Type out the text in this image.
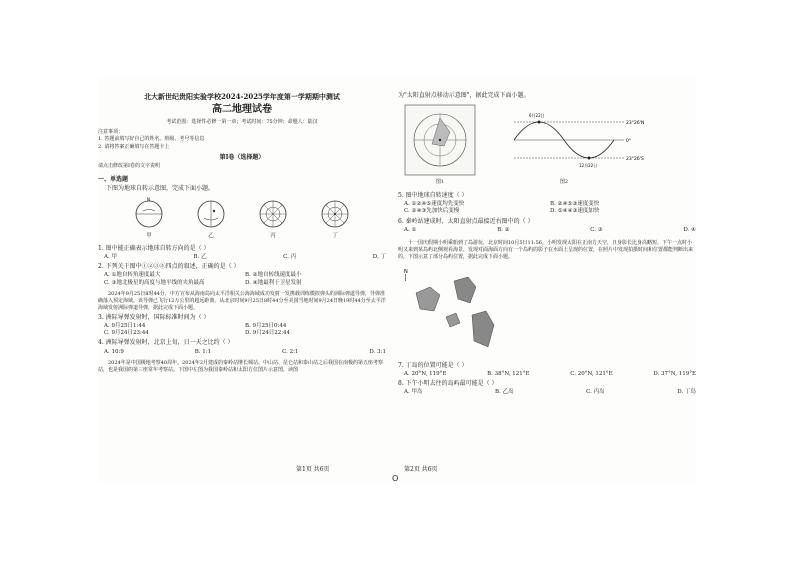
北大新世纪贵阳实验学校2024-2025学年度第一学期期中测试
高二地理试卷
考试范围：选择性必修一第一章；考试时间：75分钟；命题人：陆汉

注意事项：

1. 答题前填写好自己的姓名、班级、考号等信息

2. 请将答案正确填写在答题卡上

第Ⅰ卷（选择题）

请点击修改第Ⅰ卷的文字说明

一、单选题

下图为地球自转示意图，完成下面小题。

N
甲	乙	丙	丁

1. 图中能正确表示地球自转方向的是（ ）

A. 甲	B. 乙	C. 丙	D. 丁

2. 下列关于图中①②③④四点的叙述，正确的是（ ）

A. ①地自转角速度最大	B. ②地自转线速度最小
C. ③地北极星的高度与地平线的夹角最高	D. ④地最利于卫星发射

2024年9月25日8时44分，中方宣布从海南岛向太平洋相关公海海域成功发射一发携载训练模拟弹头的洲际弹道导弹，导弹准确落入预定海域。该导弹已飞行12万公里的超远距离，从北京时间9月25日8时44分至美国当地时间9月24日晚19时44分至太平洋海域发射洲际弹道导弹，据此完成下面小题。

3. 洲际导弹发射时，国际标准时间为（ ）

A. 9月25日1:44	B. 9月25日0:44
C. 9月24日23:44	D. 9月24日22:44

4. 洲际导弹发射时，北京上旬，日一天之比约（ ）

A. 10:9	B. 1:1	C. 2:1	D. 3:1

2024年是中国极地考察40周年。2024年2月建成的秦岭站继长城站、中山站、昆仑站和泰山站之后我国在南极的第五座考察站，也是我国的第三座常年考察站。下图中左图为我国秦岭站和太阳方位图片示意图，读图

第1页 共6页

为"太阳直射点移动示意图"，据此完成下面小题。

图1
23°26'N
0°
23°26'S
6月22日
12月22日
图2

5. 图中地球自转速度（ ）

A. ①②④⑤速度均先变快	B. ②④⑤③速度变快
C. ②④③先加快后变慢	D. ⑤④④③速度加快

6. 秦岭站建成时，太阳直射点最接近右图中的（ ）

A. ①	B. ②	C. ③	D. ④

十一国庆假期小明乘船到了岛游玩，北京时间10月5日11:56，小明发现太阳在正南方天空，且身影长比身高略短。下午一点时小明又来到某岛屿北侧观看海景，发现对面海面方向有一个岛屿的影子在水面上呈现的位置，在照片中发现拍摄时间和位置都能判断出来的，下图示意了部分岛屿位置，据此完成下面小题。

N

7. 丁岛的位置可能是（ ）

A. 20°N, 119°E	B. 38°N, 121°E	C. 20°N, 121°E	D. 37°N, 119°E

8. 下午小明去往的岛屿最可能是（ ）

A. 甲岛	B. 乙岛	C. 丙岛	D. 丁岛
第2页 共6页
O
